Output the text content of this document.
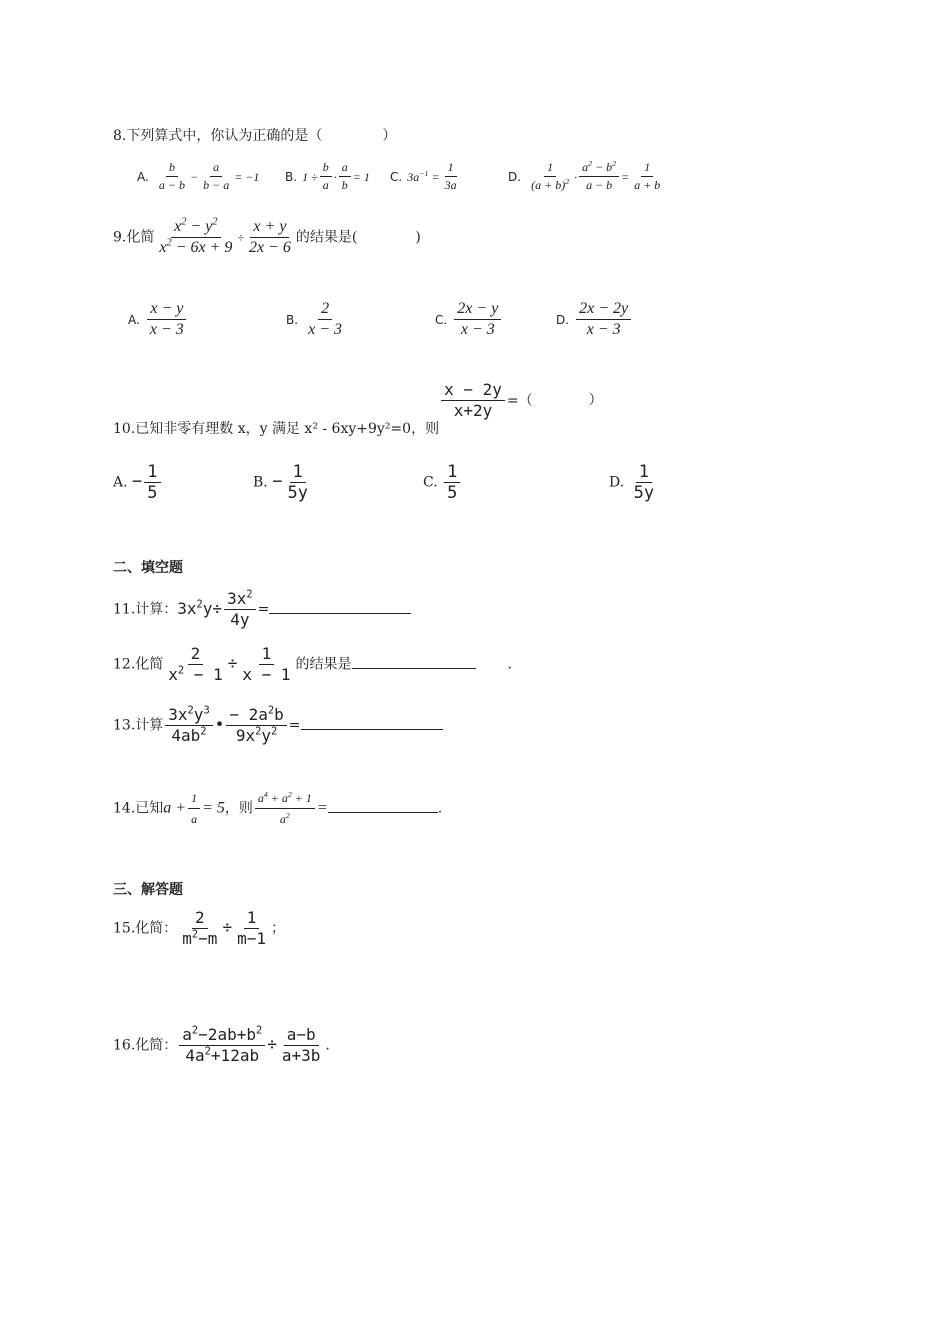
8.下列算式中，你认为正确的是（	）
A. $\frac{b}{a - b} - \frac{a}{b - a} = -1$ B. $1 \div \frac{b}{a} \cdot \frac{a}{b} = 1$ C. $3a^{-1} = \frac{1}{3a}$	D. $\frac{1}{(a + b)^2} \cdot \frac{a^2 - b^2}{a - b} = \frac{1}{a + b}$
9.化简 $\frac{x^2 - y^2}{x^2 - 6x + 9} \div \frac{x + y}{2x - 6}$ 的结果是(	)
A. $\frac{x - y}{x - 3}$	B. $\frac{2}{x - 3}$	C. $\frac{2x - y}{x - 3}$	D. $\frac{2x - 2y}{x - 3}$
10.已知非零有理数 x，y 满足 x² - 6xy+9y²=0，则
$\frac{x - 2y}{x+2y}$ =（	）
A. − $\frac{1}{5}$	B. − $\frac{1}{5y}$	C. $\frac{1}{5}$	D. $\frac{1}{5y}$
二、填空题
11.计算：$3x^2y\div \frac{3x^2}{4y}$ =
12.化简 $\frac{2}{x^2 - 1} \div \frac{1}{x - 1}$ 的结果是	.
13.计算 $\frac{3x^2y^3}{4ab^2}$ • $\frac{- 2a^2b}{9x^2y^2}$ =
14.已知$a + \frac{1}{a} = 5$，则 $\frac{a^4 + a^2 + 1}{a^2}$ =	.
三、解答题
15.化简： $\frac{2}{m^2-m} \div \frac{1}{m-1}$ ；
16.化简： $\frac{a^2-2ab+b^2}{4a^2+12ab} \div \frac{a-b}{a+3b}$ .
